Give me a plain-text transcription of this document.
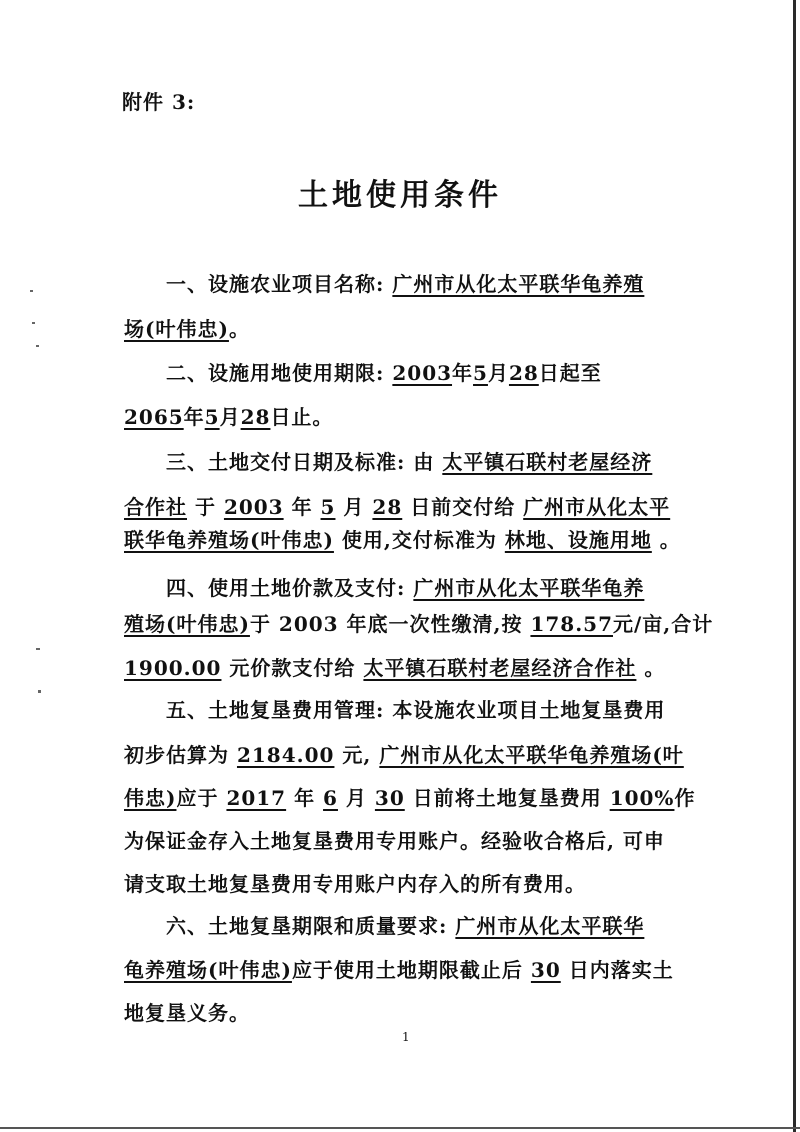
附件 3:
土地使用条件
一、设施农业项目名称: 广州市从化太平联华龟养殖
场(叶伟忠)。
二、设施用地使用期限: 2003年5月28日起至
2065年5月28日止。
三、土地交付日期及标准: 由 太平镇石联村老屋经济
合作社 于 2003 年 5 月 28 日前交付给 广州市从化太平
联华龟养殖场(叶伟忠) 使用,交付标准为 林地、设施用地 。
四、使用土地价款及支付: 广州市从化太平联华龟养
殖场(叶伟忠)于 2003 年底一次性缴清,按 178.57元/亩,合计
1900.00 元价款支付给 太平镇石联村老屋经济合作社 。
五、土地复垦费用管理: 本设施农业项目土地复垦费用
初步估算为 2184.00 元, 广州市从化太平联华龟养殖场(叶
伟忠)应于 2017 年 6 月 30 日前将土地复垦费用 100%作
为保证金存入土地复垦费用专用账户。经验收合格后, 可申
请支取土地复垦费用专用账户内存入的所有费用。
六、土地复垦期限和质量要求: 广州市从化太平联华
龟养殖场(叶伟忠)应于使用土地期限截止后 30 日内落实土
地复垦义务。
1
